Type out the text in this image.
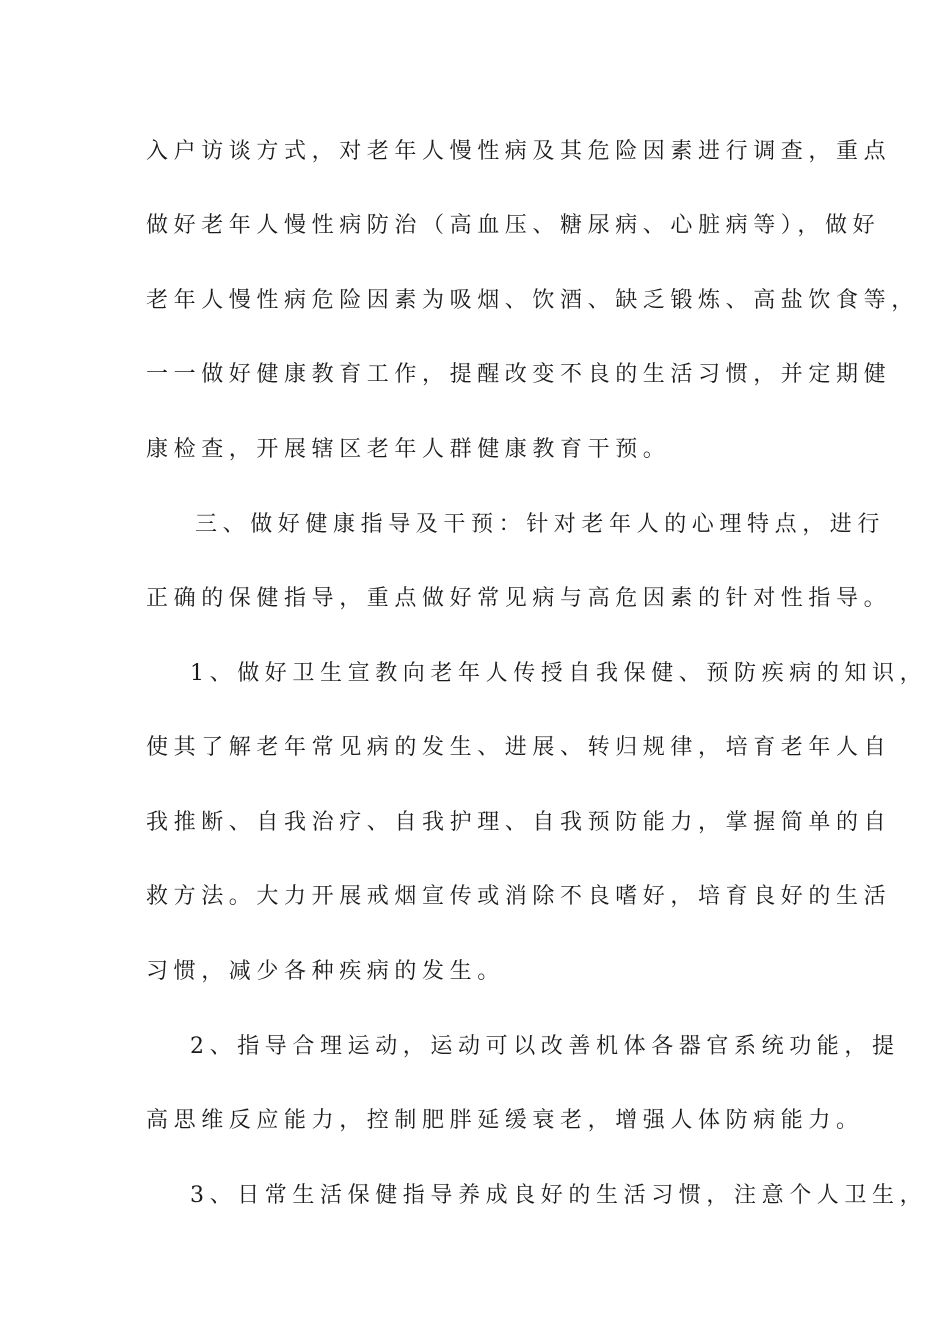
入户访谈方式，对老年人慢性病及其危险因素进行调查，重点
做好老年人慢性病防治（高血压、糖尿病、心脏病等），做好
老年人慢性病危险因素为吸烟、饮酒、缺乏锻炼、高盐饮食等，
一一做好健康教育工作，提醒改变不良的生活习惯，并定期健
康检查，开展辖区老年人群健康教育干预。
三、做好健康指导及干预：针对老年人的心理特点，进行
正确的保健指导，重点做好常见病与高危因素的针对性指导。
1、做好卫生宣教向老年人传授自我保健、预防疾病的知识，
使其了解老年常见病的发生、进展、转归规律，培育老年人自
我推断、自我治疗、自我护理、自我预防能力，掌握简单的自
救方法。大力开展戒烟宣传或消除不良嗜好，培育良好的生活
习惯，减少各种疾病的发生。
2、指导合理运动，运动可以改善机体各器官系统功能，提
高思维反应能力，控制肥胖延缓衰老，增强人体防病能力。
3、日常生活保健指导养成良好的生活习惯，注意个人卫生，
